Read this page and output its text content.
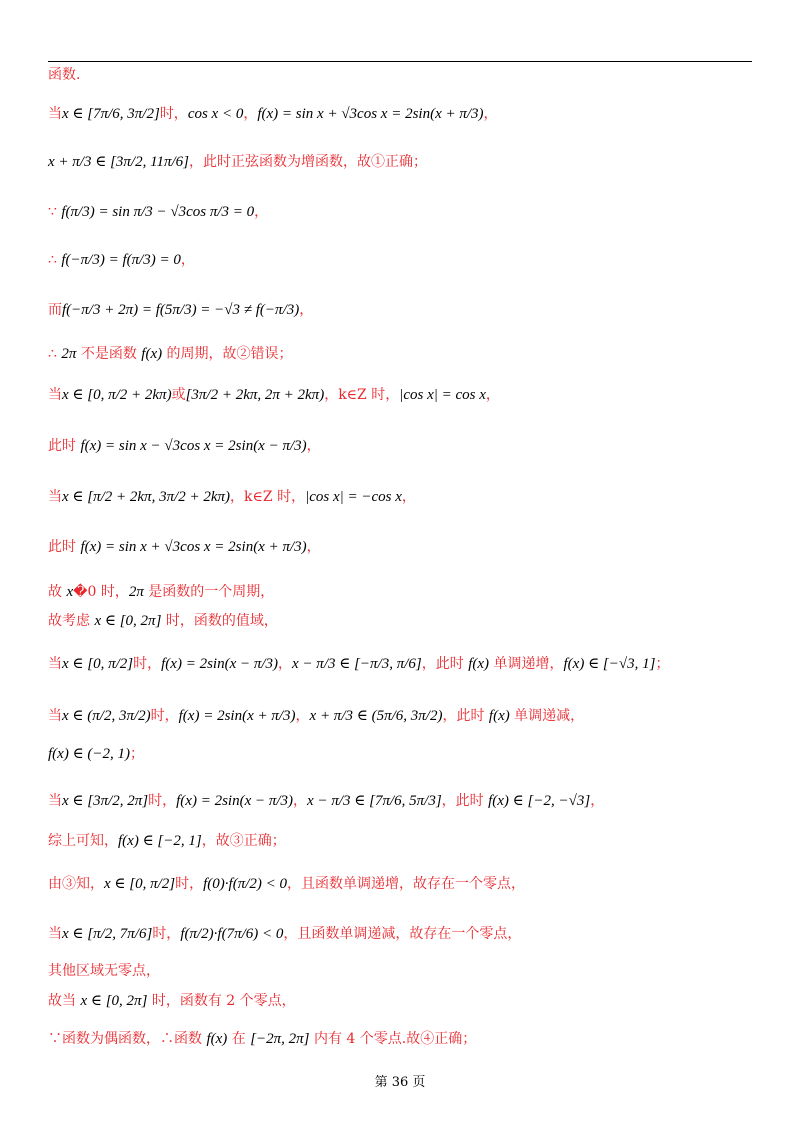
函数.
当x ∈ [7π/6, 3π/2]时，cos x < 0，f(x) = sin x + √3cos x = 2sin(x + π/3)，
x + π/3 ∈ [3π/2, 11π/6]，此时正弦函数为增函数，故①正确；
∵ f(π/3) = sin π/3 − √3cos π/3 = 0，
∴ f(−π/3) = f(π/3) = 0，
而f(−π/3 + 2π) = f(5π/3) = −√3 ≠ f(−π/3)，
∴ 2π 不是函数 f(x) 的周期，故②错误；
当x ∈ [0, π/2 + 2kπ)或[3π/2 + 2kπ, 2π + 2kπ)，k∈Z 时，|cos x| = cos x，
此时 f(x) = sin x − √3cos x = 2sin(x − π/3)，
当x ∈ [π/2 + 2kπ, 3π/2 + 2kπ)，k∈Z 时，|cos x| = −cos x，
此时 f(x) = sin x + √3cos x = 2sin(x + π/3)，
故 x�0 时，2π 是函数的一个周期，
故考虑 x ∈ [0, 2π] 时，函数的值域，
当x ∈ [0, π/2]时，f(x) = 2sin(x − π/3)，x − π/3 ∈ [−π/3, π/6]，此时 f(x) 单调递增，f(x) ∈ [−√3, 1]；
当x ∈ (π/2, 3π/2)时，f(x) = 2sin(x + π/3)，x + π/3 ∈ (5π/6, 3π/2)，此时 f(x) 单调递减，
f(x) ∈ (−2, 1)；
当x ∈ [3π/2, 2π]时，f(x) = 2sin(x − π/3)，x − π/3 ∈ [7π/6, 5π/3]，此时 f(x) ∈ [−2, −√3]，
综上可知，f(x) ∈ [−2, 1]，故③正确；
由③知，x ∈ [0, π/2]时，f(0)·f(π/2) < 0，且函数单调递增，故存在一个零点，
当x ∈ [π/2, 7π/6]时，f(π/2)·f(7π/6) < 0，且函数单调递减，故存在一个零点，
其他区域无零点，
故当 x ∈ [0, 2π] 时，函数有 2 个零点，
∵函数为偶函数，∴函数 f(x) 在 [−2π, 2π] 内有 4 个零点.故④正确；
第 36 页
